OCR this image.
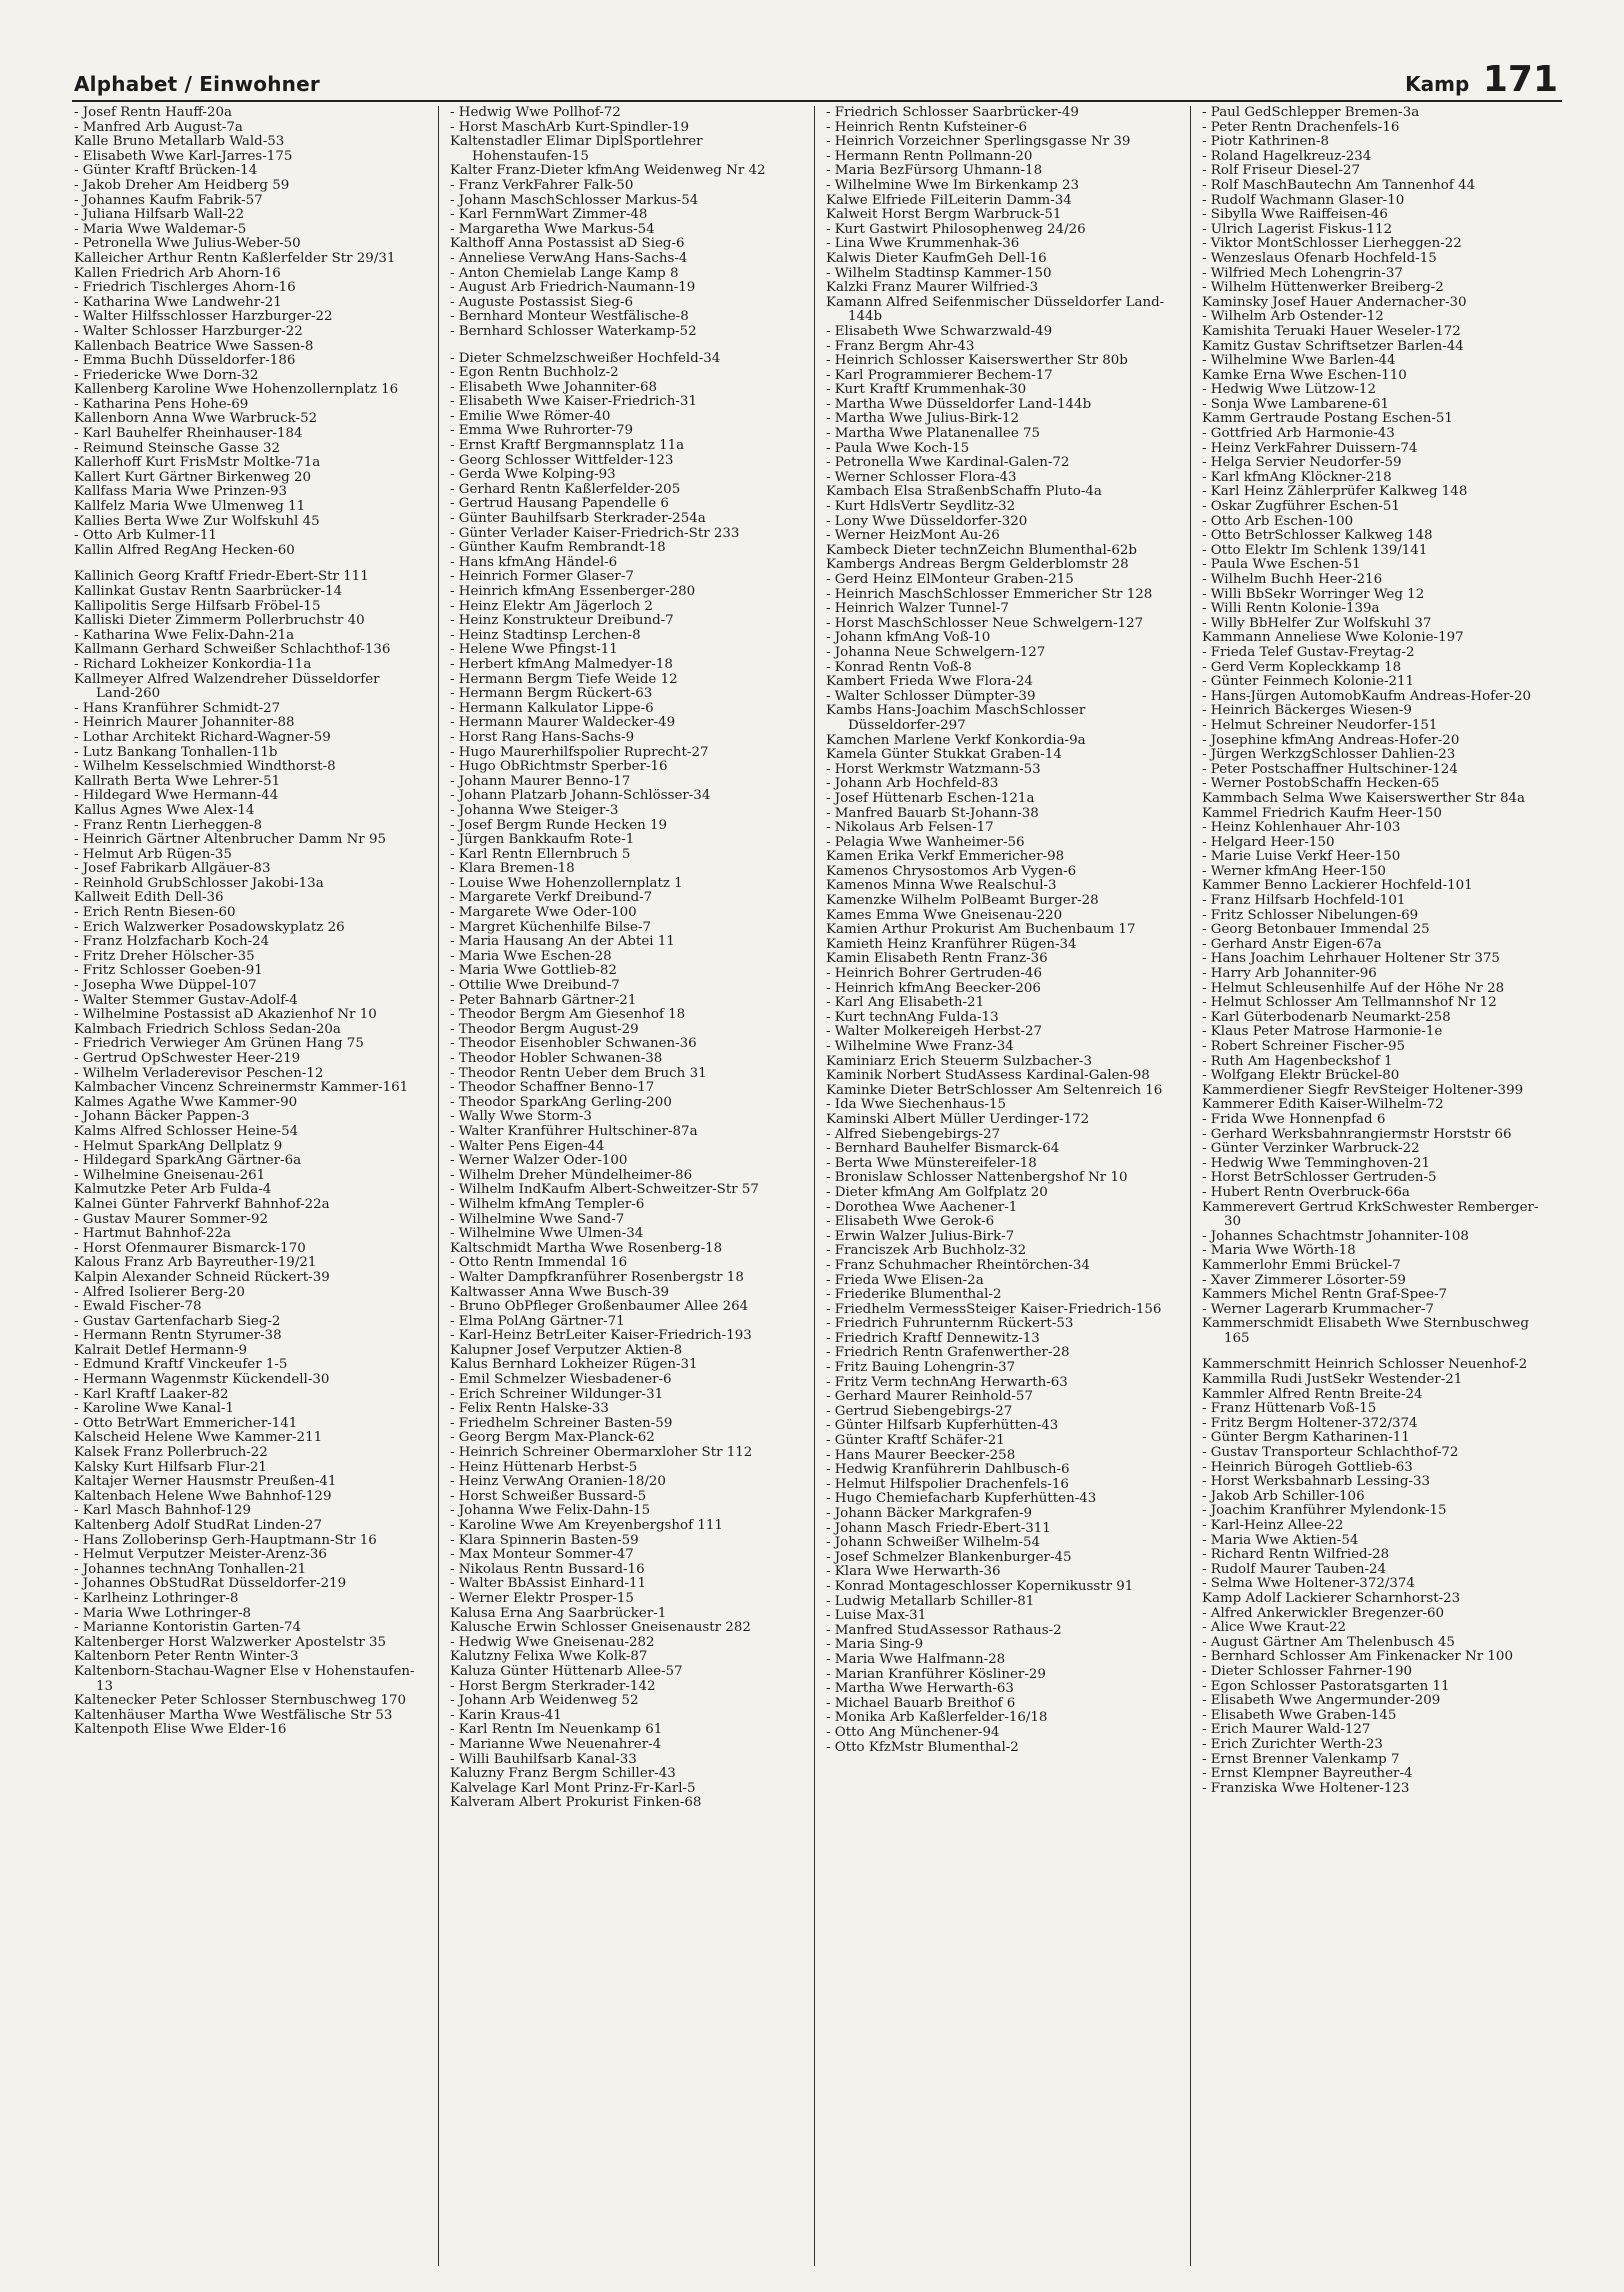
Alphabet / Einwohner	Kamp 171
- Josef Rentn Hauff-20a
- Manfred Arb August-7a
Kalle Bruno Metallarb Wald-53
- Elisabeth Wwe Karl-Jarres-175
- Günter Kraftf Brücken-14
- Jakob Dreher Am Heidberg 59
- Johannes Kaufm Fabrik-57
- Juliana Hilfsarb Wall-22
- Maria Wwe Waldemar-5
- Petronella Wwe Julius-Weber-50
Kalleicher Arthur Rentn Kaßlerfelder Str 29/31
Kallen Friedrich Arb Ahorn-16
- Friedrich Tischlerges Ahorn-16
- Katharina Wwe Landwehr-21
- Walter Hilfsschlosser Harzburger-22
- Walter Schlosser Harzburger-22
Kallenbach Beatrice Wwe Sassen-8
- Emma Buchh Düsseldorfer-186
- Friedericke Wwe Dorn-32
Kallenberg Karoline Wwe Hohenzollernplatz 16
- Katharina Pens Hohe-69
Kallenborn Anna Wwe Warbruck-52
- Karl Bauhelfer Rheinhauser-184
- Reimund Steinsche Gasse 32
Kallerhoff Kurt FrisMstr Moltke-71a
Kallert Kurt Gärtner Birkenweg 20
Kallfass Maria Wwe Prinzen-93
Kallfelz Maria Wwe Ulmenweg 11
Kallies Berta Wwe Zur Wolfskuhl 45
- Otto Arb Kulmer-11
Kallin Alfred RegAng Hecken-60
Kallinich Georg Kraftf Friedr-Ebert-Str 111
Kallinkat Gustav Rentn Saarbrücker-14
Kallipolitis Serge Hilfsarb Fröbel-15
Kalliski Dieter Zimmerm Pollerbruchstr 40
- Katharina Wwe Felix-Dahn-21a
Kallmann Gerhard Schweißer Schlachthof-136
- Richard Lokheizer Konkordia-11a
Kallmeyer Alfred Walzendreher Düsseldorfer Land-260
- Hans Kranführer Schmidt-27
- Heinrich Maurer Johanniter-88
- Lothar Architekt Richard-Wagner-59
- Lutz Bankang Tonhallen-11b
- Wilhelm Kesselschmied Windthorst-8
Kallrath Berta Wwe Lehrer-51
- Hildegard Wwe Hermann-44
Kallus Agnes Wwe Alex-14
- Franz Rentn Lierheggen-8
- Heinrich Gärtner Altenbrucher Damm Nr 95
- Helmut Arb Rügen-35
- Josef Fabrikarb Allgäuer-83
- Reinhold GrubSchlosser Jakobi-13a
Kallweit Edith Dell-36
- Erich Rentn Biesen-60
- Erich Walzwerker Posadowskyplatz 26
- Franz Holzfacharb Koch-24
- Fritz Dreher Hölscher-35
- Fritz Schlosser Goeben-91
- Josepha Wwe Düppel-107
- Walter Stemmer Gustav-Adolf-4
- Wilhelmine Postassist aD Akazienhof Nr 10
Kalmbach Friedrich Schloss Sedan-20a
- Friedrich Verwieger Am Grünen Hang 75
- Gertrud OpSchwester Heer-219
- Wilhelm Verladerevisor Peschen-12
Kalmbacher Vincenz Schreinermstr Kammer-161
Kalmes Agathe Wwe Kammer-90
- Johann Bäcker Pappen-3
Kalms Alfred Schlosser Heine-54
- Helmut SparkAng Dellplatz 9
- Hildegard SparkAng Gärtner-6a
- Wilhelmine Gneisenau-261
Kalmutzke Peter Arb Fulda-4
Kalnei Günter Fahrverkf Bahnhof-22a
- Gustav Maurer Sommer-92
- Hartmut Bahnhof-22a
- Horst Ofenmaurer Bismarck-170
Kalous Franz Arb Bayreuther-19/21
Kalpin Alexander Schneid Rückert-39
- Alfred Isolierer Berg-20
- Ewald Fischer-78
- Gustav Gartenfacharb Sieg-2
- Hermann Rentn Styrumer-38
Kalrait Detlef Hermann-9
- Edmund Kraftf Vinckeufer 1-5
- Hermann Wagenmstr Kückendell-30
- Karl Kraftf Laaker-82
- Karoline Wwe Kanal-1
- Otto BetrWart Emmericher-141
Kalscheid Helene Wwe Kammer-211
Kalsek Franz Pollerbruch-22
Kalsky Kurt Hilfsarb Flur-21
Kaltajer Werner Hausmstr Preußen-41
Kaltenbach Helene Wwe Bahnhof-129
- Karl Masch Bahnhof-129
Kaltenberg Adolf StudRat Linden-27
- Hans Zolloberinsp Gerh-Hauptmann-Str 16
- Helmut Verputzer Meister-Arenz-36
- Johannes technAng Tonhallen-21
- Johannes ObStudRat Düsseldorfer-219
- Karlheinz Lothringer-8
- Maria Wwe Lothringer-8
- Marianne Kontoristin Garten-74
Kaltenberger Horst Walzwerker Apostelstr 35
Kaltenborn Peter Rentn Winter-3
Kaltenborn-Stachau-Wagner Else v Hohenstaufen-13
Kaltenecker Peter Schlosser Sternbuschweg 170
Kaltenhäuser Martha Wwe Westfälische Str 53
Kaltenpoth Elise Wwe Elder-16
- Hedwig Wwe Pollhof-72
- Horst MaschArb Kurt-Spindler-19
Kaltenstadler Elimar DiplSportlehrer Hohenstaufen-15
Kalter Franz-Dieter kfmAng Weidenweg Nr 42
- Franz VerkFahrer Falk-50
- Johann MaschSchlosser Markus-54
- Karl FernmWart Zimmer-48
- Margaretha Wwe Markus-54
Kalthoff Anna Postassist aD Sieg-6
- Anneliese VerwAng Hans-Sachs-4
- Anton Chemielab Lange Kamp 8
- August Arb Friedrich-Naumann-19
- Auguste Postassist Sieg-6
- Bernhard Monteur Westfälische-8
- Bernhard Schlosser Waterkamp-52
- Dieter Schmelzschweißer Hochfeld-34
- Egon Rentn Buchholz-2
- Elisabeth Wwe Johanniter-68
- Elisabeth Wwe Kaiser-Friedrich-31
- Emilie Wwe Römer-40
- Emma Wwe Ruhrorter-79
- Ernst Kraftf Bergmannsplatz 11a
- Georg Schlosser Wittfelder-123
- Gerda Wwe Kolping-93
- Gerhard Rentn Kaßlerfelder-205
- Gertrud Hausang Papendelle 6
- Günter Bauhilfsarb Sterkrader-254a
- Günter Verlader Kaiser-Friedrich-Str 233
- Günther Kaufm Rembrandt-18
- Hans kfmAng Händel-6
- Heinrich Former Glaser-7
- Heinrich kfmAng Essenberger-280
- Heinz Elektr Am Jägerloch 2
- Heinz Konstrukteur Dreibund-7
- Heinz Stadtinsp Lerchen-8
- Helene Wwe Pfingst-11
- Herbert kfmAng Malmedyer-18
- Hermann Bergm Tiefe Weide 12
- Hermann Bergm Rückert-63
- Hermann Kalkulator Lippe-6
- Hermann Maurer Waldecker-49
- Horst Rang Hans-Sachs-9
- Hugo Maurerhilfspolier Ruprecht-27
- Hugo ObRichtmstr Sperber-16
- Johann Maurer Benno-17
- Johann Platzarb Johann-Schlösser-34
- Johanna Wwe Steiger-3
- Josef Bergm Runde Hecken 19
- Jürgen Bankkaufm Rote-1
- Karl Rentn Ellernbruch 5
- Klara Bremen-18
- Louise Wwe Hohenzollernplatz 1
- Margarete Verkf Dreibund-7
- Margarete Wwe Oder-100
- Margret Küchenhilfe Bilse-7
- Maria Hausang An der Abtei 11
- Maria Wwe Eschen-28
- Maria Wwe Gottlieb-82
- Ottilie Wwe Dreibund-7
- Peter Bahnarb Gärtner-21
- Theodor Bergm Am Giesenhof 18
- Theodor Bergm August-29
- Theodor Eisenhobler Schwanen-36
- Theodor Hobler Schwanen-38
- Theodor Rentn Ueber dem Bruch 31
- Theodor Schaffner Benno-17
- Theodor SparkAng Gerling-200
- Wally Wwe Storm-3
- Walter Kranführer Hultschiner-87a
- Walter Pens Eigen-44
- Werner Walzer Oder-100
- Wilhelm Dreher Mündelheimer-86
- Wilhelm IndKaufm Albert-Schweitzer-Str 57
- Wilhelm kfmAng Templer-6
- Wilhelmine Wwe Sand-7
- Wilhelmine Wwe Ulmen-34
Kaltschmidt Martha Wwe Rosenberg-18
- Otto Rentn Immendal 16
- Walter Dampfkranführer Rosenbergstr 18
Kaltwasser Anna Wwe Busch-39
- Bruno ObPfleger Großenbaumer Allee 264
- Elma PolAng Gärtner-71
- Karl-Heinz BetrLeiter Kaiser-Friedrich-193
Kalupner Josef Verputzer Aktien-8
Kalus Bernhard Lokheizer Rügen-31
- Emil Schmelzer Wiesbadener-6
- Erich Schreiner Wildunger-31
- Felix Rentn Halske-33
- Friedhelm Schreiner Basten-59
- Georg Bergm Max-Planck-62
- Heinrich Schreiner Obermarxloher Str 112
- Heinz Hüttenarb Herbst-5
- Heinz VerwAng Oranien-18/20
- Horst Schweißer Bussard-5
- Johanna Wwe Felix-Dahn-15
- Karoline Wwe Am Kreyenbergshof 111
- Klara Spinnerin Basten-59
- Max Monteur Sommer-47
- Nikolaus Rentn Bussard-16
- Walter BbAssist Einhard-11
- Werner Elektr Prosper-15
Kalusa Erna Ang Saarbrücker-1
Kalusche Erwin Schlosser Gneisenaustr 282
- Hedwig Wwe Gneisenau-282
Kalutzny Felixa Wwe Kolk-87
Kaluza Günter Hüttenarb Allee-57
- Horst Bergm Sterkrader-142
- Johann Arb Weidenweg 52
- Karin Kraus-41
- Karl Rentn Im Neuenkamp 61
- Marianne Wwe Neuenahrer-4
- Willi Bauhilfsarb Kanal-33
Kaluzny Franz Bergm Schiller-43
Kalvelage Karl Mont Prinz-Fr-Karl-5
Kalveram Albert Prokurist Finken-68
- Friedrich Schlosser Saarbrücker-49
- Heinrich Rentn Kufsteiner-6
- Heinrich Vorzeichner Sperlingsgasse Nr 39
- Hermann Rentn Pollmann-20
- Maria BezFürsorg Uhmann-18
- Wilhelmine Wwe Im Birkenkamp 23
Kalwe Elfriede FilLeiterin Damm-34
Kalweit Horst Bergm Warbruck-51
- Kurt Gastwirt Philosophenweg 24/26
- Lina Wwe Krummenhak-36
Kalwis Dieter KaufmGeh Dell-16
- Wilhelm Stadtinsp Kammer-150
Kalzki Franz Maurer Wilfried-3
Kamann Alfred Seifenmischer Düsseldorfer Land-144b
- Elisabeth Wwe Schwarzwald-49
- Franz Bergm Ahr-43
- Heinrich Schlosser Kaiserswerther Str 80b
- Karl Programmierer Bechem-17
- Kurt Kraftf Krummenhak-30
- Martha Wwe Düsseldorfer Land-144b
- Martha Wwe Julius-Birk-12
- Martha Wwe Platanenallee 75
- Paula Wwe Koch-15
- Petronella Wwe Kardinal-Galen-72
- Werner Schlosser Flora-43
Kambach Elsa StraßenbSchaffn Pluto-4a
- Kurt HdlsVertr Seydlitz-32
- Lony Wwe Düsseldorfer-320
- Werner HeizMont Au-26
Kambeck Dieter technZeichn Blumenthal-62b
Kambergs Andreas Bergm Gelderblomstr 28
- Gerd Heinz ElMonteur Graben-215
- Heinrich MaschSchlosser Emmericher Str 128
- Heinrich Walzer Tunnel-7
- Horst MaschSchlosser Neue Schwelgern-127
- Johann kfmAng Voß-10
- Johanna Neue Schwelgern-127
- Konrad Rentn Voß-8
Kambert Frieda Wwe Flora-24
- Walter Schlosser Dümpter-39
Kambs Hans-Joachim MaschSchlosser Düsseldorfer-297
Kamchen Marlene Verkf Konkordia-9a
Kamela Günter Stukkat Graben-14
- Horst Werkmstr Watzmann-53
- Johann Arb Hochfeld-83
- Josef Hüttenarb Eschen-121a
- Manfred Bauarb St-Johann-38
- Nikolaus Arb Felsen-17
- Pelagia Wwe Wanheimer-56
Kamen Erika Verkf Emmericher-98
Kamenos Chrysostomos Arb Vygen-6
Kamenos Minna Wwe Realschul-3
Kamenzke Wilhelm PolBeamt Burger-28
Kames Emma Wwe Gneisenau-220
Kamien Arthur Prokurist Am Buchenbaum 17
Kamieth Heinz Kranführer Rügen-34
Kamin Elisabeth Rentn Franz-36
- Heinrich Bohrer Gertruden-46
- Heinrich kfmAng Beecker-206
- Karl Ang Elisabeth-21
- Kurt technAng Fulda-13
- Walter Molkereigeh Herbst-27
- Wilhelmine Wwe Franz-34
Kaminiarz Erich Steuerm Sulzbacher-3
Kaminik Norbert StudAssess Kardinal-Galen-98
Kaminke Dieter BetrSchlosser Am Seltenreich 16
- Ida Wwe Siechenhaus-15
Kaminski Albert Müller Uerdinger-172
- Alfred Siebengebirgs-27
- Bernhard Bauhelfer Bismarck-64
- Berta Wwe Münstereifeler-18
- Bronislaw Schlosser Nattenbergshof Nr 10
- Dieter kfmAng Am Golfplatz 20
- Dorothea Wwe Aachener-1
- Elisabeth Wwe Gerok-6
- Erwin Walzer Julius-Birk-7
- Franciszek Arb Buchholz-32
- Franz Schuhmacher Rheintörchen-34
- Frieda Wwe Elisen-2a
- Friederike Blumenthal-2
- Friedhelm VermessSteiger Kaiser-Friedrich-156
- Friedrich Fuhrunternm Rückert-53
- Friedrich Kraftf Dennewitz-13
- Friedrich Rentn Grafenwerther-28
- Fritz Bauing Lohengrin-37
- Fritz Verm technAng Herwarth-63
- Gerhard Maurer Reinhold-57
- Gertrud Siebengebirgs-27
- Günter Hilfsarb Kupferhütten-43
- Günter Kraftf Schäfer-21
- Hans Maurer Beecker-258
- Hedwig Kranführerin Dahlbusch-6
- Helmut Hilfspolier Drachenfels-16
- Hugo Chemiefacharb Kupferhütten-43
- Johann Bäcker Markgrafen-9
- Johann Masch Friedr-Ebert-311
- Johann Schweißer Wilhelm-54
- Josef Schmelzer Blankenburger-45
- Klara Wwe Herwarth-36
- Konrad Montageschlosser Kopernikusstr 91
- Ludwig Metallarb Schiller-81
- Luise Max-31
- Manfred StudAssessor Rathaus-2
- Maria Sing-9
- Maria Wwe Halfmann-28
- Marian Kranführer Kösliner-29
- Martha Wwe Herwarth-63
- Michael Bauarb Breithof 6
- Monika Arb Kaßlerfelder-16/18
- Otto Ang Münchener-94
- Otto KfzMstr Blumenthal-2
- Paul GedSchlepper Bremen-3a
- Peter Rentn Drachenfels-16
- Piotr Kathrinen-8
- Roland Hagelkreuz-234
- Rolf Friseur Diesel-27
- Rolf MaschBautechn Am Tannenhof 44
- Rudolf Wachmann Glaser-10
- Sibylla Wwe Raiffeisen-46
- Ulrich Lagerist Fiskus-112
- Viktor MontSchlosser Lierheggen-22
- Wenzeslaus Ofenarb Hochfeld-15
- Wilfried Mech Lohengrin-37
- Wilhelm Hüttenwerker Breiberg-2
Kaminsky Josef Hauer Andernacher-30
- Wilhelm Arb Ostender-12
Kamishita Teruaki Hauer Weseler-172
Kamitz Gustav Schriftsetzer Barlen-44
- Wilhelmine Wwe Barlen-44
Kamke Erna Wwe Eschen-110
- Hedwig Wwe Lützow-12
- Sonja Wwe Lambarene-61
Kamm Gertraude Postang Eschen-51
- Gottfried Arb Harmonie-43
- Heinz VerkFahrer Duissern-74
- Helga Servier Neudorfer-59
- Karl kfmAng Klöckner-218
- Karl Heinz Zählerprüfer Kalkweg 148
- Oskar Zugführer Eschen-51
- Otto Arb Eschen-100
- Otto BetrSchlosser Kalkweg 148
- Otto Elektr Im Schlenk 139/141
- Paula Wwe Eschen-51
- Wilhelm Buchh Heer-216
- Willi BbSekr Worringer Weg 12
- Willi Rentn Kolonie-139a
- Willy BbHelfer Zur Wolfskuhl 37
Kammann Anneliese Wwe Kolonie-197
- Frieda Telef Gustav-Freytag-2
- Gerd Verm Kopleckkamp 18
- Günter Feinmech Kolonie-211
- Hans-Jürgen AutomobKaufm Andreas-Hofer-20
- Heinrich Bäckerges Wiesen-9
- Helmut Schreiner Neudorfer-151
- Josephine kfmAng Andreas-Hofer-20
- Jürgen WerkzgSchlosser Dahlien-23
- Peter Postschaffner Hultschiner-124
- Werner PostobSchaffn Hecken-65
Kammbach Selma Wwe Kaiserswerther Str 84a
Kammel Friedrich Kaufm Heer-150
- Heinz Kohlenhauer Ahr-103
- Helgard Heer-150
- Marie Luise Verkf Heer-150
- Werner kfmAng Heer-150
Kammer Benno Lackierer Hochfeld-101
- Franz Hilfsarb Hochfeld-101
- Fritz Schlosser Nibelungen-69
- Georg Betonbauer Immendal 25
- Gerhard Anstr Eigen-67a
- Hans Joachim Lehrhauer Holtener Str 375
- Harry Arb Johanniter-96
- Helmut Schleusenhilfe Auf der Höhe Nr 28
- Helmut Schlosser Am Tellmannshof Nr 12
- Karl Güterbodenarb Neumarkt-258
- Klaus Peter Matrose Harmonie-1e
- Robert Schreiner Fischer-95
- Ruth Am Hagenbeckshof 1
- Wolfgang Elektr Brückel-80
Kammerdiener Siegfr RevSteiger Holtener-399
Kammerer Edith Kaiser-Wilhelm-72
- Frida Wwe Honnenpfad 6
- Gerhard Werksbahnrangiermstr Horststr 66
- Günter Verzinker Warbruck-22
- Hedwig Wwe Temminghoven-21
- Horst BetrSchlosser Gertruden-5
- Hubert Rentn Overbruck-66a
Kammerevert Gertrud KrkSchwester Remberger-30
- Johannes Schachtmstr Johanniter-108
- Maria Wwe Wörth-18
Kammerlohr Emmi Brückel-7
- Xaver Zimmerer Lösorter-59
Kammers Michel Rentn Graf-Spee-7
- Werner Lagerarb Krummacher-7
Kammerschmidt Elisabeth Wwe Sternbuschweg 165
Kammerschmitt Heinrich Schlosser Neuenhof-2
Kammilla Rudi JustSekr Westender-21
Kammler Alfred Rentn Breite-24
- Franz Hüttenarb Voß-15
- Fritz Bergm Holtener-372/374
- Günter Bergm Katharinen-11
- Gustav Transporteur Schlachthof-72
- Heinrich Bürogeh Gottlieb-63
- Horst Werksbahnarb Lessing-33
- Jakob Arb Schiller-106
- Joachim Kranführer Mylendonk-15
- Karl-Heinz Allee-22
- Maria Wwe Aktien-54
- Richard Rentn Wilfried-28
- Rudolf Maurer Tauben-24
- Selma Wwe Holtener-372/374
Kamp Adolf Lackierer Scharnhorst-23
- Alfred Ankerwickler Bregenzer-60
- Alice Wwe Kraut-22
- August Gärtner Am Thelenbusch 45
- Bernhard Schlosser Am Finkenacker Nr 100
- Dieter Schlosser Fahrner-190
- Egon Schlosser Pastoratsgarten 11
- Elisabeth Wwe Angermunder-209
- Elisabeth Wwe Graben-145
- Erich Maurer Wald-127
- Erich Zurichter Werth-23
- Ernst Brenner Valenkamp 7
- Ernst Klempner Bayreuther-4
- Franziska Wwe Holtener-123
